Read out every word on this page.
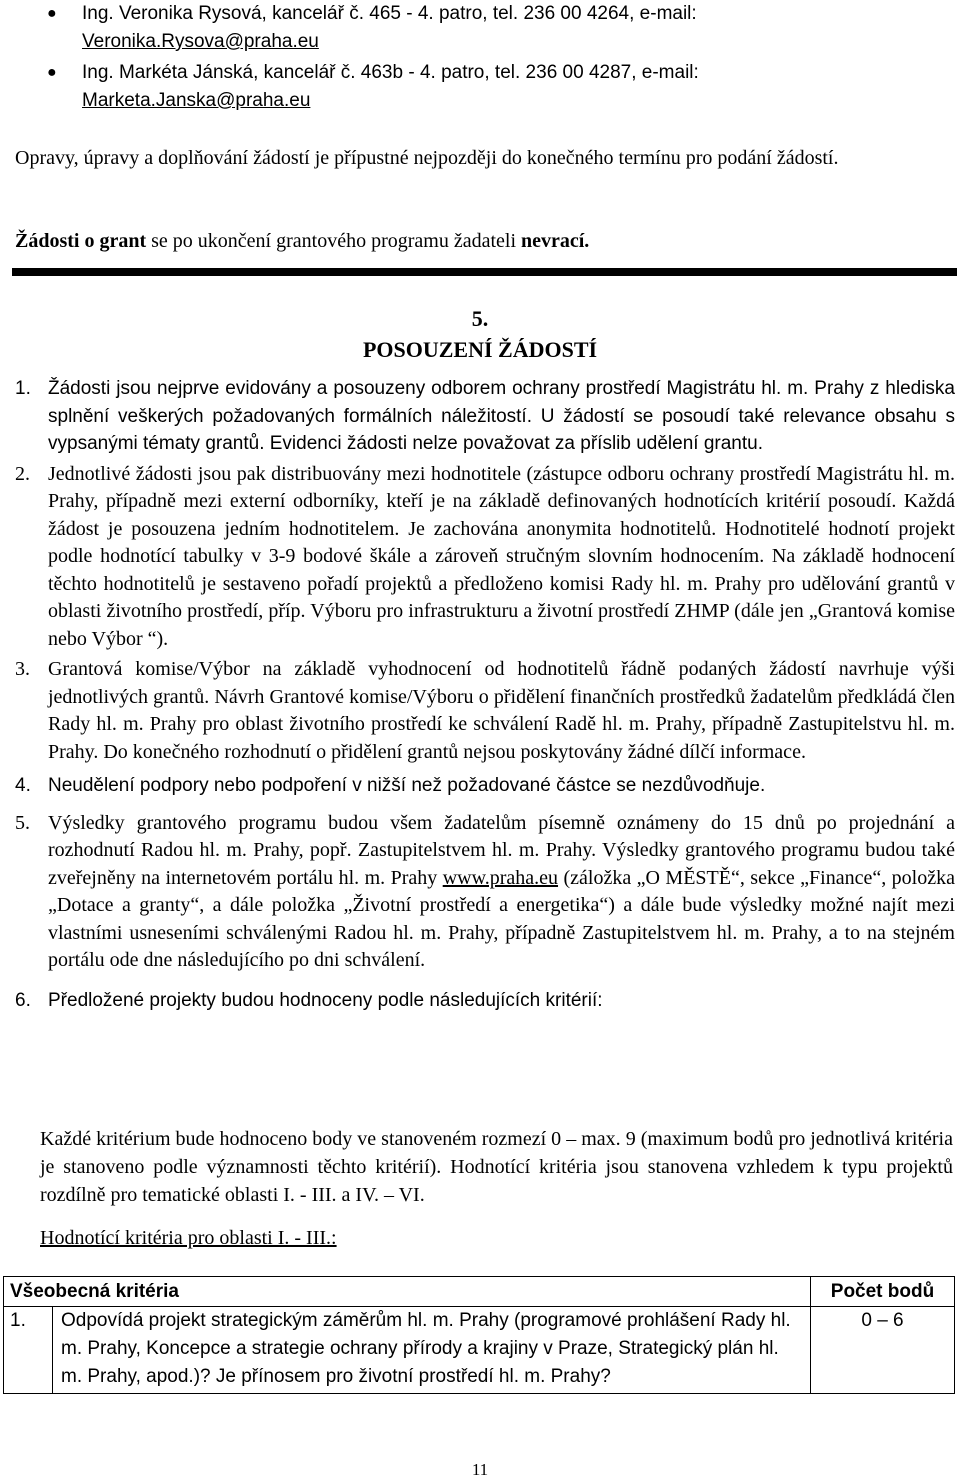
● Ing. Veronika Rysová, kancelář č. 465 - 4. patro, tel. 236 00 4264, e-mail:
Veronika.Rysova@praha.eu
● Ing. Markéta Jánská, kancelář č. 463b - 4. patro, tel. 236 00 4287, e-mail:
Marketa.Janska@praha.eu

Opravy, úpravy a doplňování žádostí je přípustné nejpozději do konečného termínu pro podání žádostí.

Žádosti o grant se po ukončení grantového programu žadateli nevrací.

5.
POSOUZENÍ ŽÁDOSTÍ
1. Žádosti jsou nejprve evidovány a posouzeny odborem ochrany prostředí Magistrátu hl. m. Prahy z hlediska splnění veškerých požadovaných formálních náležitostí. U žádostí se posoudí také relevance obsahu s vypsanými tématy grantů. Evidenci žádosti nelze považovat za příslib udělení grantu.
2. Jednotlivé žádosti jsou pak distribuovány mezi hodnotitele (zástupce odboru ochrany prostředí Magistrátu hl. m. Prahy, případně mezi externí odborníky, kteří je na základě definovaných hodnotících kritérií posoudí. Každá žádost je posouzena jedním hodnotitelem. Je zachována anonymita hodnotitelů. Hodnotitelé hodnotí projekt podle hodnotící tabulky v 3-9 bodové škále a zároveň stručným slovním hodnocením. Na základě hodnocení těchto hodnotitelů je sestaveno pořadí projektů a předloženo komisi Rady hl. m. Prahy pro udělování grantů v oblasti životního prostředí, příp. Výboru pro infrastrukturu a životní prostředí ZHMP (dále jen „Grantová komise nebo Výbor “).
3. Grantová komise/Výbor na základě vyhodnocení od hodnotitelů řádně podaných žádostí navrhuje výši jednotlivých grantů. Návrh Grantové komise/Výboru o přidělení finančních prostředků žadatelům předkládá člen Rady hl. m. Prahy pro oblast životního prostředí ke schválení Radě hl. m. Prahy, případně Zastupitelstvu hl. m. Prahy. Do konečného rozhodnutí o přidělení grantů nejsou poskytovány žádné dílčí informace.
4. Neudělení podpory nebo podpoření v nižší než požadované částce se nezdůvodňuje.
5. Výsledky grantového programu budou všem žadatelům písemně oznámeny do 15 dnů po projednání a rozhodnutí Radou hl. m. Prahy, popř. Zastupitelstvem hl. m. Prahy. Výsledky grantového programu budou také zveřejněny na internetovém portálu hl. m. Prahy www.praha.eu (záložka „O MĚSTĚ“, sekce „Finance“, položka „Dotace a granty“, a dále položka „Životní prostředí a energetika“) a dále bude výsledky možné najít mezi vlastními usneseními schválenými Radou hl. m. Prahy, případně Zastupitelstvem hl. m. Prahy, a to na stejném portálu ode dne následujícího po dni schválení.
6. Předložené projekty budou hodnoceny podle následujících kritérií:

Každé kritérium bude hodnoceno body ve stanoveném rozmezí 0 – max. 9 (maximum bodů pro jednotlivá kritéria je stanoveno podle významnosti těchto kritérií). Hodnotící kritéria jsou stanovena vzhledem k typu projektů rozdílně pro tematické oblasti I. - III. a IV. – VI.

Hodnotící kritéria pro oblasti I. - III.:
Všeobecná kritéria		Počet bodů
1.	Odpovídá projekt strategickým záměrům hl. m. Prahy (programové prohlášení Rady hl. m. Prahy, Koncepce a strategie ochrany přírody a krajiny v Praze, Strategický plán hl. m. Prahy, apod.)? Je přínosem pro životní prostředí hl. m. Prahy?	0 – 6
11
